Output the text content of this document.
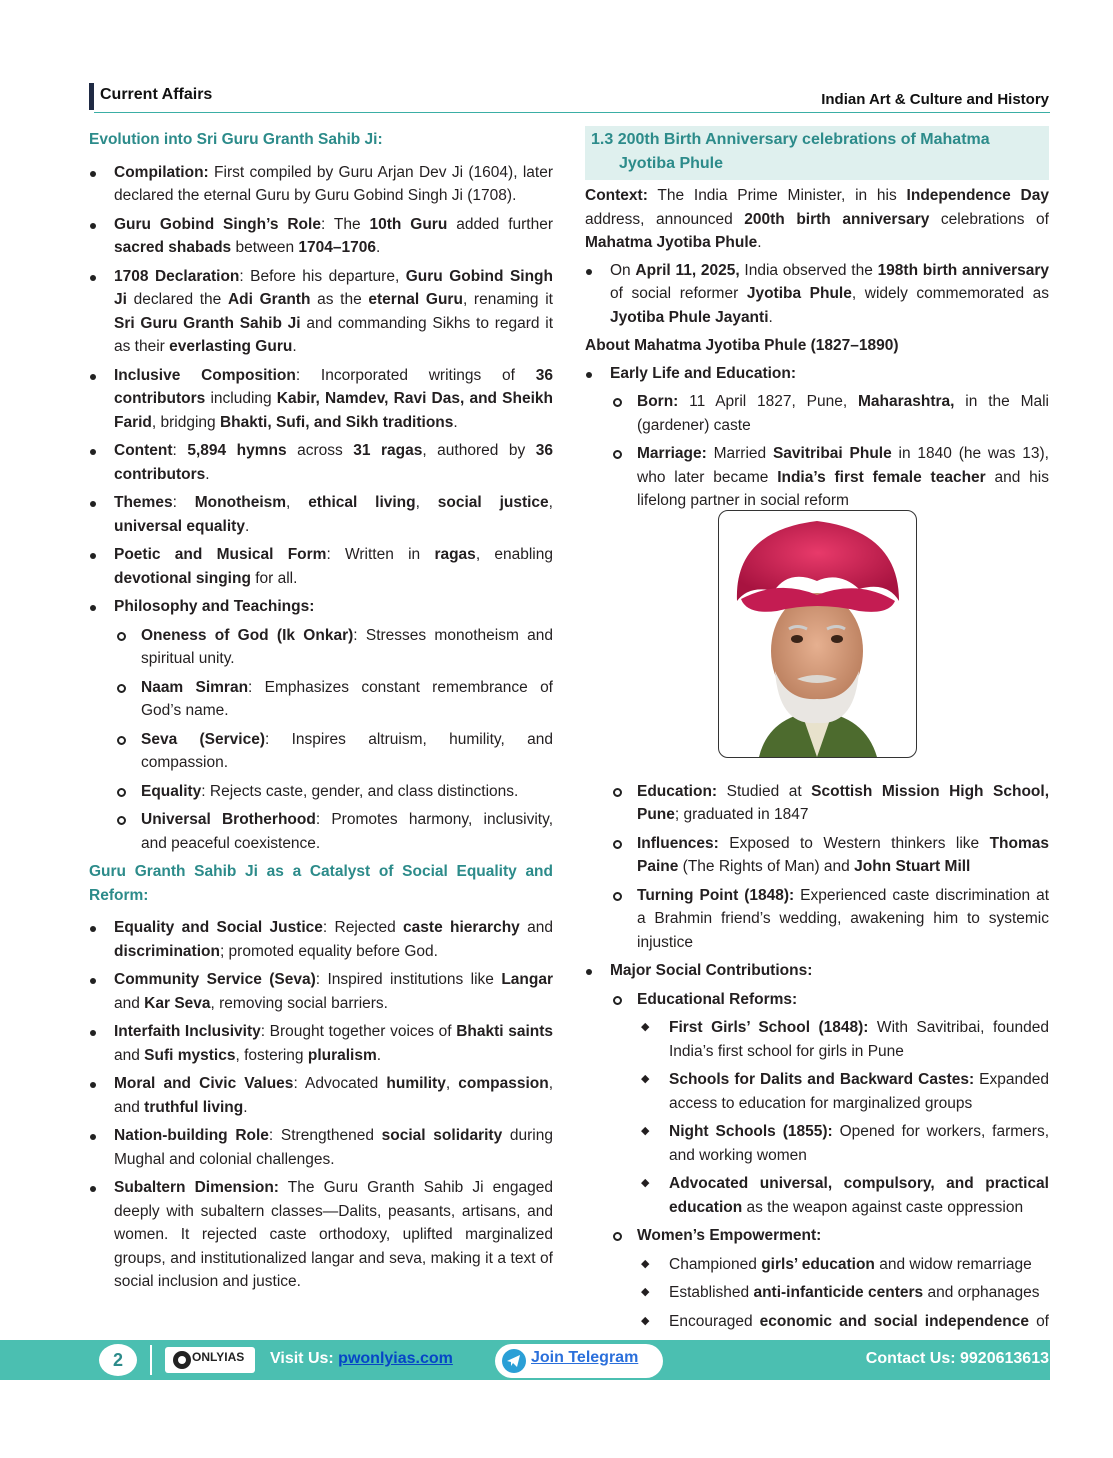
Current Affairs	Indian Art & Culture and History
Evolution into Sri Guru Granth Sahib Ji:
Compilation: First compiled by Guru Arjan Dev Ji (1604), later declared the eternal Guru by Guru Gobind Singh Ji (1708).
Guru Gobind Singh’s Role: The 10th Guru added further sacred shabads between 1704–1706.
1708 Declaration: Before his departure, Guru Gobind Singh Ji declared the Adi Granth as the eternal Guru, renaming it Sri Guru Granth Sahib Ji and commanding Sikhs to regard it as their everlasting Guru.
Inclusive Composition: Incorporated writings of 36 contributors including Kabir, Namdev, Ravi Das, and Sheikh Farid, bridging Bhakti, Sufi, and Sikh traditions.
Content: 5,894 hymns across 31 ragas, authored by 36 contributors.
Themes: Monotheism, ethical living, social justice, universal equality.
Poetic and Musical Form: Written in ragas, enabling devotional singing for all.
Philosophy and Teachings:
Oneness of God (Ik Onkar): Stresses monotheism and spiritual unity.
Naam Simran: Emphasizes constant remembrance of God’s name.
Seva (Service): Inspires altruism, humility, and compassion.
Equality: Rejects caste, gender, and class distinctions.
Universal Brotherhood: Promotes harmony, inclusivity, and peaceful coexistence.
Guru Granth Sahib Ji as a Catalyst of Social Equality and Reform:
Equality and Social Justice: Rejected caste hierarchy and discrimination; promoted equality before God.
Community Service (Seva): Inspired institutions like Langar and Kar Seva, removing social barriers.
Interfaith Inclusivity: Brought together voices of Bhakti saints and Sufi mystics, fostering pluralism.
Moral and Civic Values: Advocated humility, compassion, and truthful living.
Nation-building Role: Strengthened social solidarity during Mughal and colonial challenges.
Subaltern Dimension: The Guru Granth Sahib Ji engaged deeply with subaltern classes—Dalits, peasants, artisans, and women. It rejected caste orthodoxy, uplifted marginalized groups, and institutionalized langar and seva, making it a text of social inclusion and justice.
1.3 200th Birth Anniversary celebrations of Mahatma
Jyotiba Phule
Context: The India Prime Minister, in his Independence Day address, announced 200th birth anniversary celebrations of Mahatma Jyotiba Phule.
On April 11, 2025, India observed the 198th birth anniversary of social reformer Jyotiba Phule, widely commemorated as Jyotiba Phule Jayanti.
About Mahatma Jyotiba Phule (1827–1890)
Early Life and Education:
Born: 11 April 1827, Pune, Maharashtra, in the Mali (gardener) caste
Marriage: Married Savitribai Phule in 1840 (he was 13), who later became India’s first female teacher and his lifelong partner in social reform
Education: Studied at Scottish Mission High School, Pune; graduated in 1847
Influences: Exposed to Western thinkers like Thomas Paine (The Rights of Man) and John Stuart Mill
Turning Point (1848): Experienced caste discrimination at a Brahmin friend’s wedding, awakening him to systemic injustice
Major Social Contributions:
Educational Reforms:
◆ First Girls’ School (1848): With Savitribai, founded India’s first school for girls in Pune
◆ Schools for Dalits and Backward Castes: Expanded access to education for marginalized groups
◆ Night Schools (1855): Opened for workers, farmers, and working women
◆ Advocated universal, compulsory, and practical education as the weapon against caste oppression
Women’s Empowerment:
◆ Championed girls’ education and widow remarriage
◆ Established anti-infanticide centers and orphanages
◆ Encouraged economic and social independence of
2	ONLYIAS Visit Us: pwonlyias.com	Join Telegram	Contact Us: 9920613613
